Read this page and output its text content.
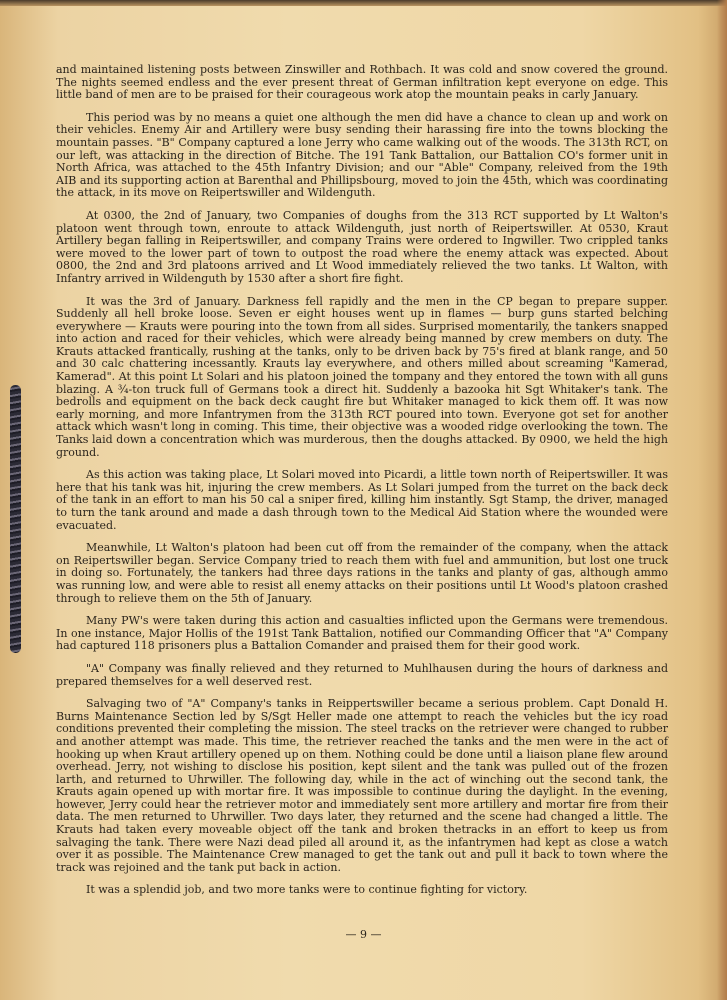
and maintained listening posts between Zinswiller and Rothbach. It was cold and snow covered the ground. The nights seemed endless and the ever present threat of German infiltration kept everyone on edge. This little band of men are to be praised for their courageous work atop the mountain peaks in carly January.

This period was by no means a quiet one although the men did have a chance to clean up and work on their vehicles. Enemy Air and Artillery were busy sending their harassing fire into the towns blocking the mountain passes. "B" Company captured a lone Jerry who came walking out of the woods. The 313th RCT, on our left, was attacking in the direction of Bitche. The 191 Tank Battalion, our Battalion CO's former unit in North Africa, was attached to the 45th Infantry Division; and our "Able" Company, releived from the 19th AIB and its supporting action at Barenthal and Phillipsbourg, moved to join the 45th, which was coordinating the attack, in its move on Reipertswiller and Wildenguth.

At 0300, the 2nd of January, two Companies of doughs from the 313 RCT supported by Lt Walton's platoon went through town, enroute to attack Wildenguth, just north of Reipertswiller. At 0530, Kraut Artillery began falling in Reipertswiller, and company Trains were ordered to Ingwiller. Two crippled tanks were moved to the lower part of town to outpost the road where the enemy attack was expected. About 0800, the 2nd and 3rd platoons arrived and Lt Wood immediately relieved the two tanks. Lt Walton, with Infantry arrived in Wildenguth by 1530 after a short fire fight.

It was the 3rd of January. Darkness fell rapidly and the men in the CP began to prepare supper. Suddenly all hell broke loose. Seven er eight houses went up in flames — burp guns started belching everywhere — Krauts were pouring into the town from all sides. Surprised momentarily, the tankers snapped into action and raced for their vehicles, which were already being manned by crew members on duty. The Krauts attacked frantically, rushing at the tanks, only to be driven back by 75's fired at blank range, and 50 and 30 calc chattering incessantly. Krauts lay everywhere, and others milled about screaming "Kamerad, Kamerad". At this point Lt Solari and his platoon joined the tompany and they entored the town with all guns blazing. A ¾-ton truck full of Germans took a direct hit. Suddenly a bazooka hit Sgt Whitaker's tank. The bedrolls and equipment on the back deck caught fire but Whitaker managed to kick them off. It was now early morning, and more Infantrymen from the 313th RCT poured into town. Everyone got set for another attack which wasn't long in coming. This time, their objective was a wooded ridge overlooking the town. The Tanks laid down a concentration which was murderous, then the doughs attacked. By 0900, we held the high ground.

As this action was taking place, Lt Solari moved into Picardi, a little town north of Reipertswiller. It was here that his tank was hit, injuring the crew members. As Lt Solari jumped from the turret on the back deck of the tank in an effort to man his 50 cal a sniper fired, killing him instantly. Sgt Stamp, the driver, managed to turn the tank around and made a dash through town to the Medical Aid Station where the wounded were evacuated.

Meanwhile, Lt Walton's platoon had been cut off from the remainder of the company, when the attack on Reipertswiller began. Service Company tried to reach them with fuel and ammunition, but lost one truck in doing so. Fortunately, the tankers had three days rations in the tanks and planty of gas, although ammo was running low, and were able to resist all enemy attacks on their positions until Lt Wood's platoon crashed through to relieve them on the 5th of January.

Many PW's were taken during this action and casualties inflicted upon the Germans were tremendous. In one instance, Major Hollis of the 191st Tank Battalion, notified our Commanding Officer that "A" Company had captured 118 prisoners plus a Battalion Comander and praised them for their good work.

"A" Company was finally relieved and they returned to Muhlhausen during the hours of darkness and prepared themselves for a well deserved rest.

Salvaging two of "A" Company's tanks in Reippertswiller became a serious problem. Capt Donald H. Burns Maintenance Section led by S/Sgt Heller made one attempt to reach the vehicles but the icy road conditions prevented their completing the mission. The steel tracks on the retriever were changed to rubber and another attempt was made. This time, the retriever reached the tanks and the men were in the act of hooking up when Kraut artillery opened up on them. Nothing could be done until a liaison plane flew around overhead. Jerry, not wishing to disclose his position, kept silent and the tank was pulled out of the frozen larth, and returned to Uhrwiller. The following day, while in the act of winching out the second tank, the Krauts again opened up with mortar fire. It was impossible to continue during the daylight. In the evening, however, Jerry could hear the retriever motor and immediately sent more artillery and mortar fire from their data. The men returned to Uhrwiller. Two days later, they returned and the scene had changed a little. The Krauts had taken every moveable object off the tank and broken thetracks in an effort to keep us from salvaging the tank. There were Nazi dead piled all around it, as the infantrymen had kept as close a watch over it as possible. The Maintenance Crew managed to get the tank out and pull it back to town where the track was rejoined and the tank put back in action.

It was a splendid job, and two more tanks were to continue fighting for victory.

— 9 —
